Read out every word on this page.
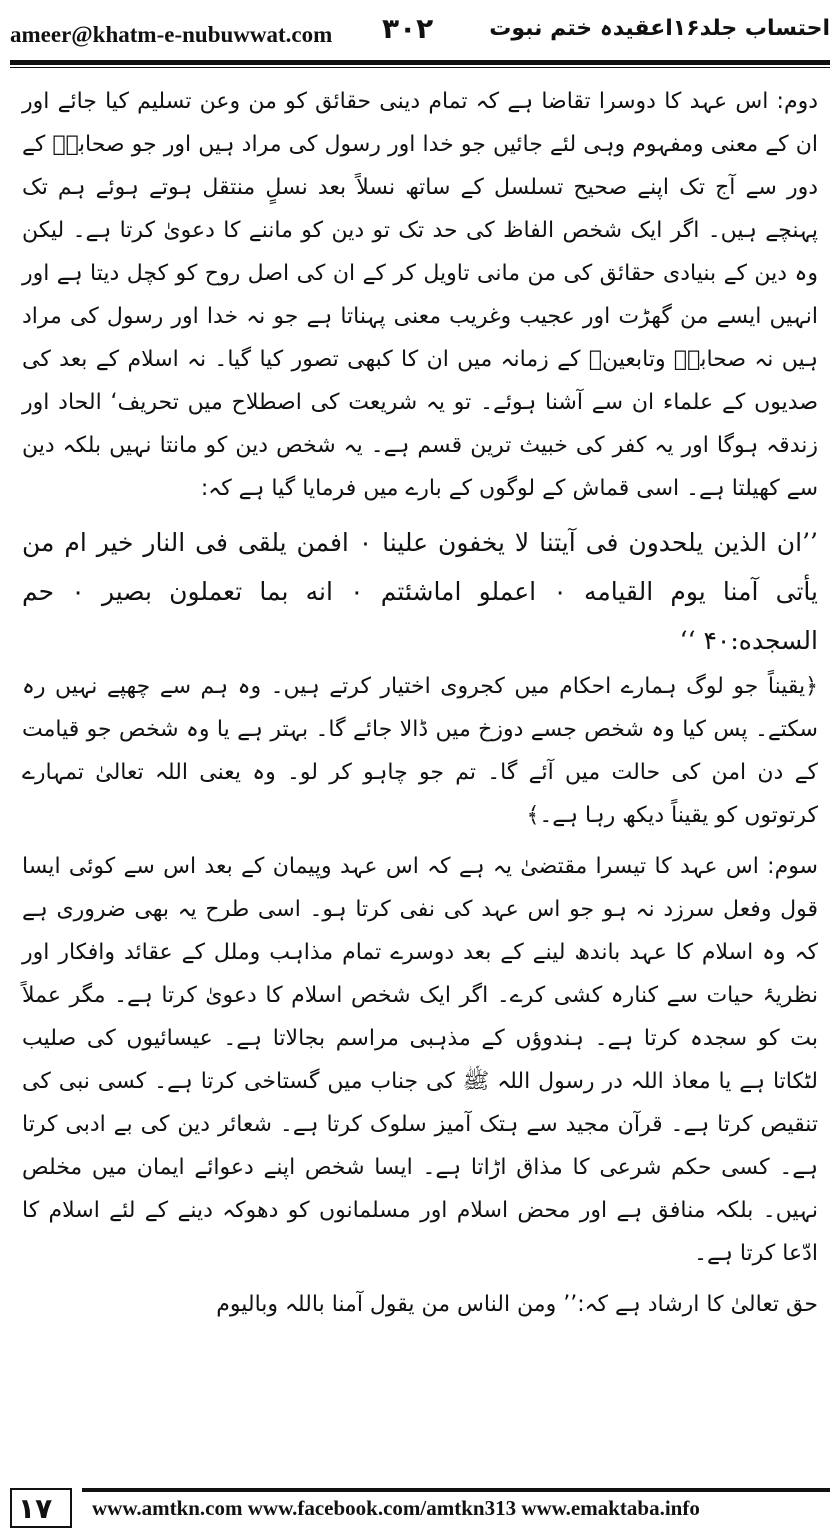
ameer@khatm-e-nubuwwat.com ۳۰۲	احتساب جلد۱۶اعقیدہ ختم نبوت

دوم: اس عہد کا دوسرا تقاضا ہے کہ تمام دینی حقائق کو من وعن تسلیم کیا جائے اور ان کے معنی ومفہوم وہی لئے جائیں جو خدا اور رسول کی مراد ہیں اور جو صحابہؓ کے دور سے آج تک اپنے صحیح تسلسل کے ساتھ نسلاً بعد نسلٍ منتقل ہوتے ہوئے ہم تک پہنچے ہیں۔ اگر ایک شخص الفاظ کی حد تک تو دین کو ماننے کا دعویٰ کرتا ہے۔ لیکن وہ دین کے بنیادی حقائق کی من مانی تاویل کر کے ان کی اصل روح کو کچل دیتا ہے اور انہیں ایسے من گھڑت اور عجیب وغریب معنی پہناتا ہے جو نہ خدا اور رسول کی مراد ہیں نہ صحابہؓ وتابعینؒ کے زمانہ میں ان کا کبھی تصور کیا گیا۔ نہ اسلام کے بعد کی صدیوں کے علماء ان سے آشنا ہوئے۔ تو یہ شریعت کی اصطلاح میں تحریف‘ الحاد اور زندقہ ہوگا اور یہ کفر کی خبیث ترین قسم ہے۔ یہ شخص دین کو مانتا نہیں بلکہ دین سے کھیلتا ہے۔ اسی قماش کے لوگوں کے بارے میں فرمایا گیا ہے کہ:

’’ان الذین یلحدون فی آیتنا لا یخفون علینا ۰ افمن یلقی فی النار خیر ام من یأتی آمنا یوم القیامه ۰ اعملو اماشئتم ۰ انه بما تعملون بصیر ۰ حم السجده:۴۰ ‘‘

﴿یقیناً جو لوگ ہمارے احکام میں کجروی اختیار کرتے ہیں۔ وہ ہم سے چھپے نہیں رہ سکتے۔ پس کیا وہ شخص جسے دوزخ میں ڈالا جائے گا۔ بہتر ہے یا وہ شخص جو قیامت کے دن امن کی حالت میں آئے گا۔ تم جو چاہو کر لو۔ وہ یعنی اللہ تعالیٰ تمہارے کرتوتوں کو یقیناً دیکھ رہا ہے۔﴾

سوم: اس عہد کا تیسرا مقتضیٰ یہ ہے کہ اس عہد وپیمان کے بعد اس سے کوئی ایسا قول وفعل سرزد نہ ہو جو اس عہد کی نفی کرتا ہو۔ اسی طرح یہ بھی ضروری ہے کہ وہ اسلام کا عہد باندھ لینے کے بعد دوسرے تمام مذاہب وملل کے عقائد وافکار اور نظریۂ حیات سے کنارہ کشی کرے۔ اگر ایک شخص اسلام کا دعویٰ کرتا ہے۔ مگر عملاً بت کو سجدہ کرتا ہے۔ ہندوؤں کے مذہبی مراسم بجالاتا ہے۔ عیسائیوں کی صلیب لٹکاتا ہے یا معاذ اللہ در رسول اللہ ﷺ کی جناب میں گستاخی کرتا ہے۔ کسی نبی کی تنقیص کرتا ہے۔ قرآن مجید سے ہتک آمیز سلوک کرتا ہے۔ شعائر دین کی بے ادبی کرتا ہے۔ کسی حکم شرعی کا مذاق اڑاتا ہے۔ ایسا شخص اپنے دعوائے ایمان میں مخلص نہیں۔ بلکہ منافق ہے اور محض اسلام اور مسلمانوں کو دھوکہ دینے کے لئے اسلام کا ادّعا کرتا ہے۔

حق تعالیٰ کا ارشاد ہے کہ:’’ ومن الناس من یقول آمنا باللہ وبالیوم

۱۷ www.amtkn.com www.facebook.com/amtkn313 www.emaktaba.info
